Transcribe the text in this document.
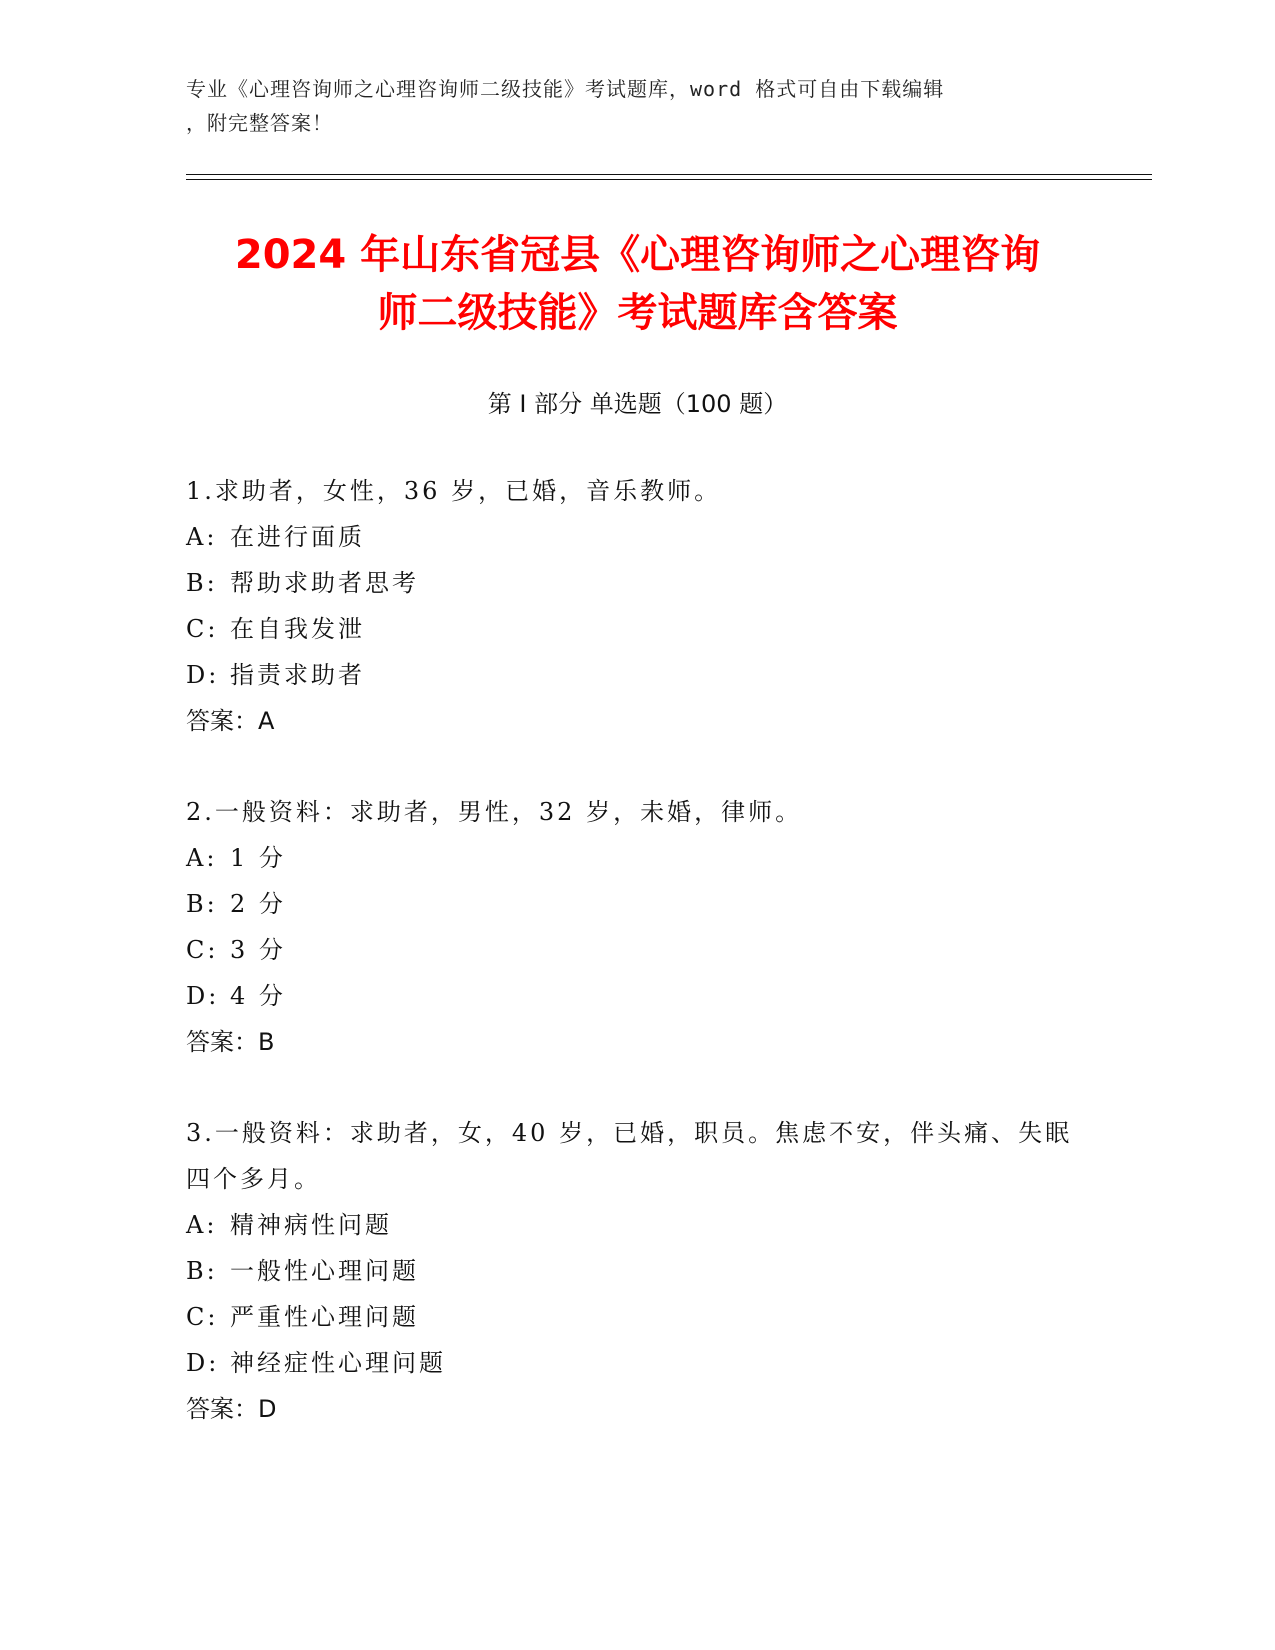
专业《心理咨询师之心理咨询师二级技能》考试题库，word 格式可自由下载编辑
，附完整答案！
2024 年山东省冠县《心理咨询师之心理咨询
师二级技能》考试题库含答案
第 I 部分 单选题（100 题）
1.求助者，女性，36 岁，已婚，音乐教师。
A: 在进行面质
B: 帮助求助者思考
C: 在自我发泄
D: 指责求助者
答案：A
2.一般资料：求助者，男性，32 岁，未婚，律师。
A: 1 分
B: 2 分
C: 3 分
D: 4 分
答案：B
3.一般资料：求助者，女，40 岁，已婚，职员。焦虑不安，伴头痛、失眠四个多月。
A: 精神病性问题
B: 一般性心理问题
C: 严重性心理问题
D: 神经症性心理问题
答案：D
